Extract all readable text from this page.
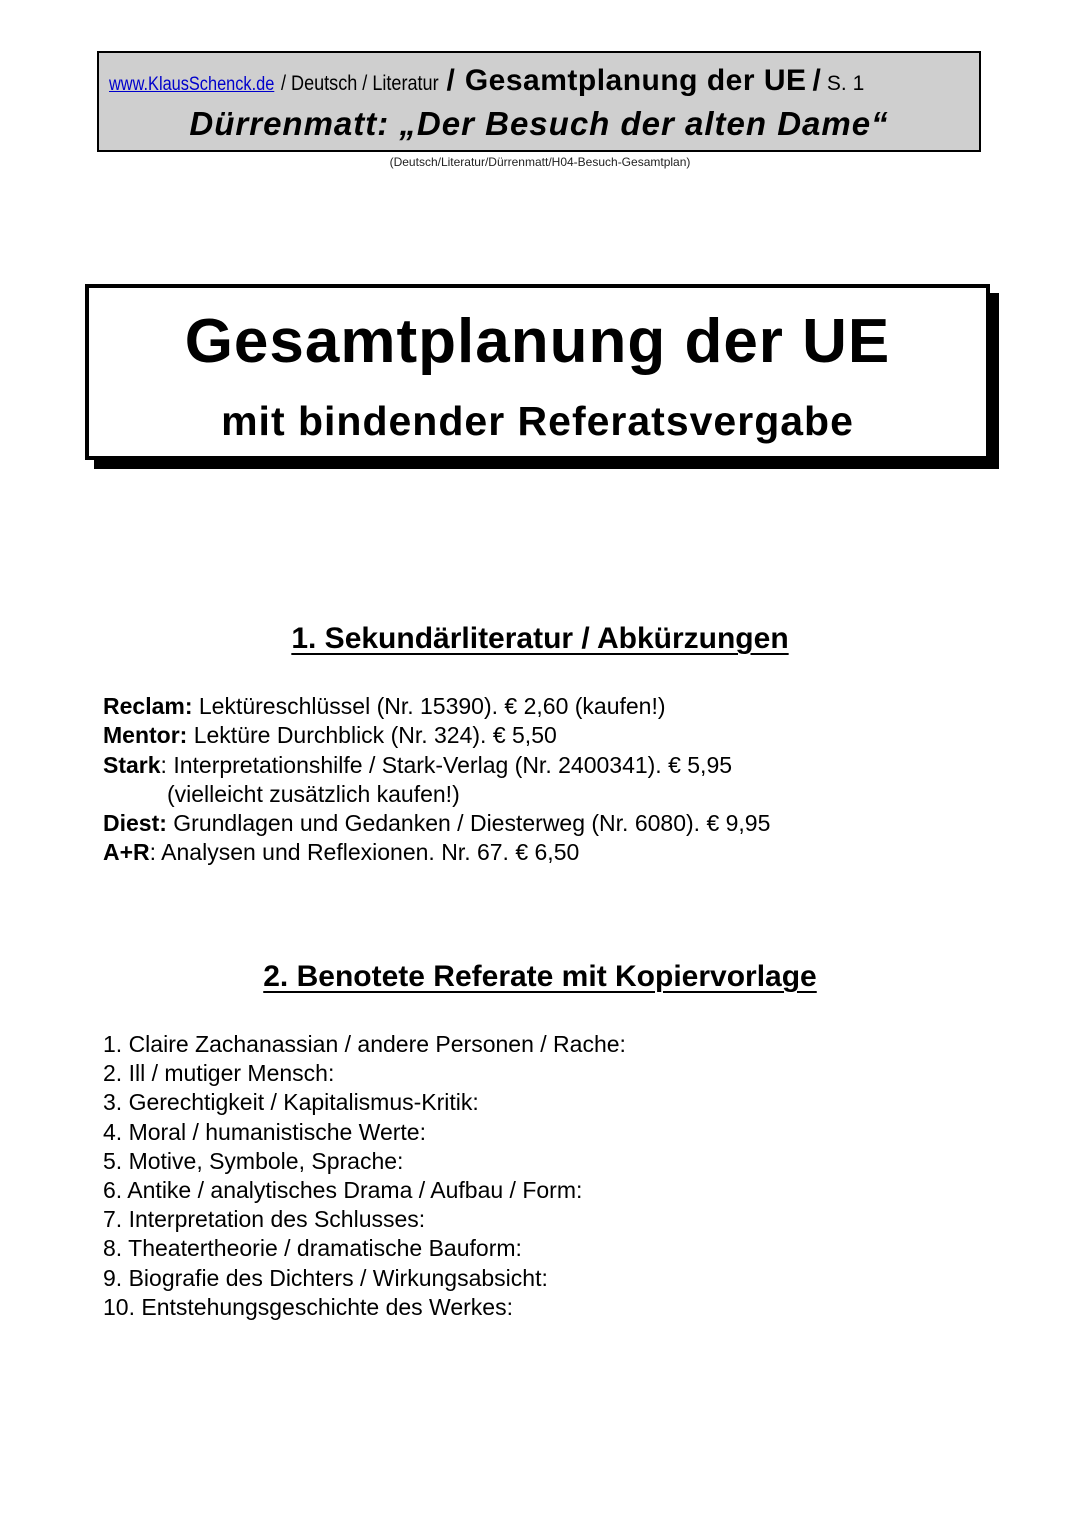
www.KlausSchenck.de / Deutsch / Literatur / Gesamtplanung der UE / S. 1
Dürrenmatt: „Der Besuch der alten Dame“
(Deutsch/Literatur/Dürrenmatt/H04-Besuch-Gesamtplan)
Gesamtplanung der UE
mit bindender Referatsvergabe
1. Sekundärliteratur / Abkürzungen
Reclam: Lektüreschlüssel (Nr. 15390). € 2,60 (kaufen!)
Mentor: Lektüre Durchblick (Nr. 324). € 5,50
Stark: Interpretationshilfe / Stark-Verlag (Nr. 2400341). € 5,95
(vielleicht zusätzlich kaufen!)
Diest: Grundlagen und Gedanken / Diesterweg (Nr. 6080). € 9,95
A+R: Analysen und Reflexionen. Nr. 67. € 6,50
2. Benotete Referate mit Kopiervorlage
1. Claire Zachanassian / andere Personen / Rache:
2. Ill / mutiger Mensch:
3. Gerechtigkeit / Kapitalismus-Kritik:
4. Moral / humanistische Werte:
5. Motive, Symbole, Sprache:
6. Antike / analytisches Drama / Aufbau / Form:
7. Interpretation des Schlusses:
8. Theatertheorie / dramatische Bauform:
9. Biografie des Dichters / Wirkungsabsicht:
10. Entstehungsgeschichte des Werkes:
